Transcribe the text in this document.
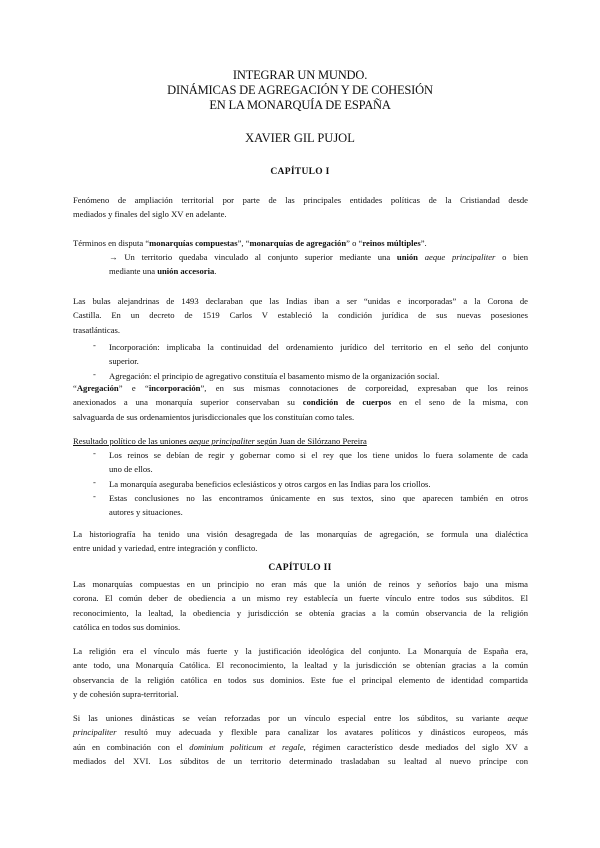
INTEGRAR UN MUNDO.
DINÁMICAS DE AGREGACIÓN Y DE COHESIÓN
EN LA MONARQUÍA DE ESPAÑA
XAVIER GIL PUJOL
CAPÍTULO I
Fenómeno de ampliación territorial por parte de las principales entidades políticas de la Cristiandad desde
mediados y finales del siglo XV en adelante.
Términos en disputa “monarquías compuestas”, “monarquías de agregación” o “reinos múltiples”.
→ Un territorio quedaba vinculado al conjunto superior mediante una unión aeque principaliter o bien
mediante una unión accesoria.
Las bulas alejandrinas de 1493 declaraban que las Indias iban a ser “unidas e incorporadas” a la Corona de
Castilla. En un decreto de 1519 Carlos V estableció la condición jurídica de sus nuevas posesiones
trasatlánticas.
- Incorporación: implicaba la continuidad del ordenamiento jurídico del territorio en el seño del conjunto
superior.
- Agregación: el principio de agregativo constituía el basamento mismo de la organización social.
“Agregación” e “incorporación”, en sus mismas connotaciones de corporeidad, expresaban que los reinos
anexionados a una monarquía superior conservaban su condición de cuerpos en el seno de la misma, con
salvaguarda de sus ordenamientos jurisdiccionales que los constituían como tales.
Resultado político de las uniones aeque principaliter según Juan de Silórzano Pereira
- Los reinos se debían de regir y gobernar como si el rey que los tiene unidos lo fuera solamente de cada
uno de ellos.
- La monarquía aseguraba beneficios eclesiásticos y otros cargos en las Indias para los criollos.
- Estas conclusiones no las encontramos únicamente en sus textos, sino que aparecen también en otros
autores y situaciones.
La historiografía ha tenido una visión desagregada de las monarquías de agregación, se formula una dialéctica
entre unidad y variedad, entre integración y conflicto.
CAPÍTULO II
Las monarquías compuestas en un principio no eran más que la unión de reinos y señoríos bajo una misma
corona. El común deber de obediencia a un mismo rey establecía un fuerte vínculo entre todos sus súbditos. El
reconocimiento, la lealtad, la obediencia y jurisdicción se obtenía gracias a la común observancia de la religión
católica en todos sus dominios.
La religión era el vínculo más fuerte y la justificación ideológica del conjunto. La Monarquía de España era,
ante todo, una Monarquía Católica. El reconocimiento, la lealtad y la jurisdicción se obtenían gracias a la común
observancia de la religión católica en todos sus dominios. Este fue el principal elemento de identidad compartida
y de cohesión supra-territorial.
Si las uniones dinásticas se veían reforzadas por un vínculo especial entre los súbditos, su variante aeque
principaliter resultó muy adecuada y flexible para canalizar los avatares políticos y dinásticos europeos, más
aún en combinación con el dominium politicum et regale, régimen característico desde mediados del siglo XV a
mediados del XVI. Los súbditos de un territorio determinado trasladaban su lealtad al nuevo príncipe con
